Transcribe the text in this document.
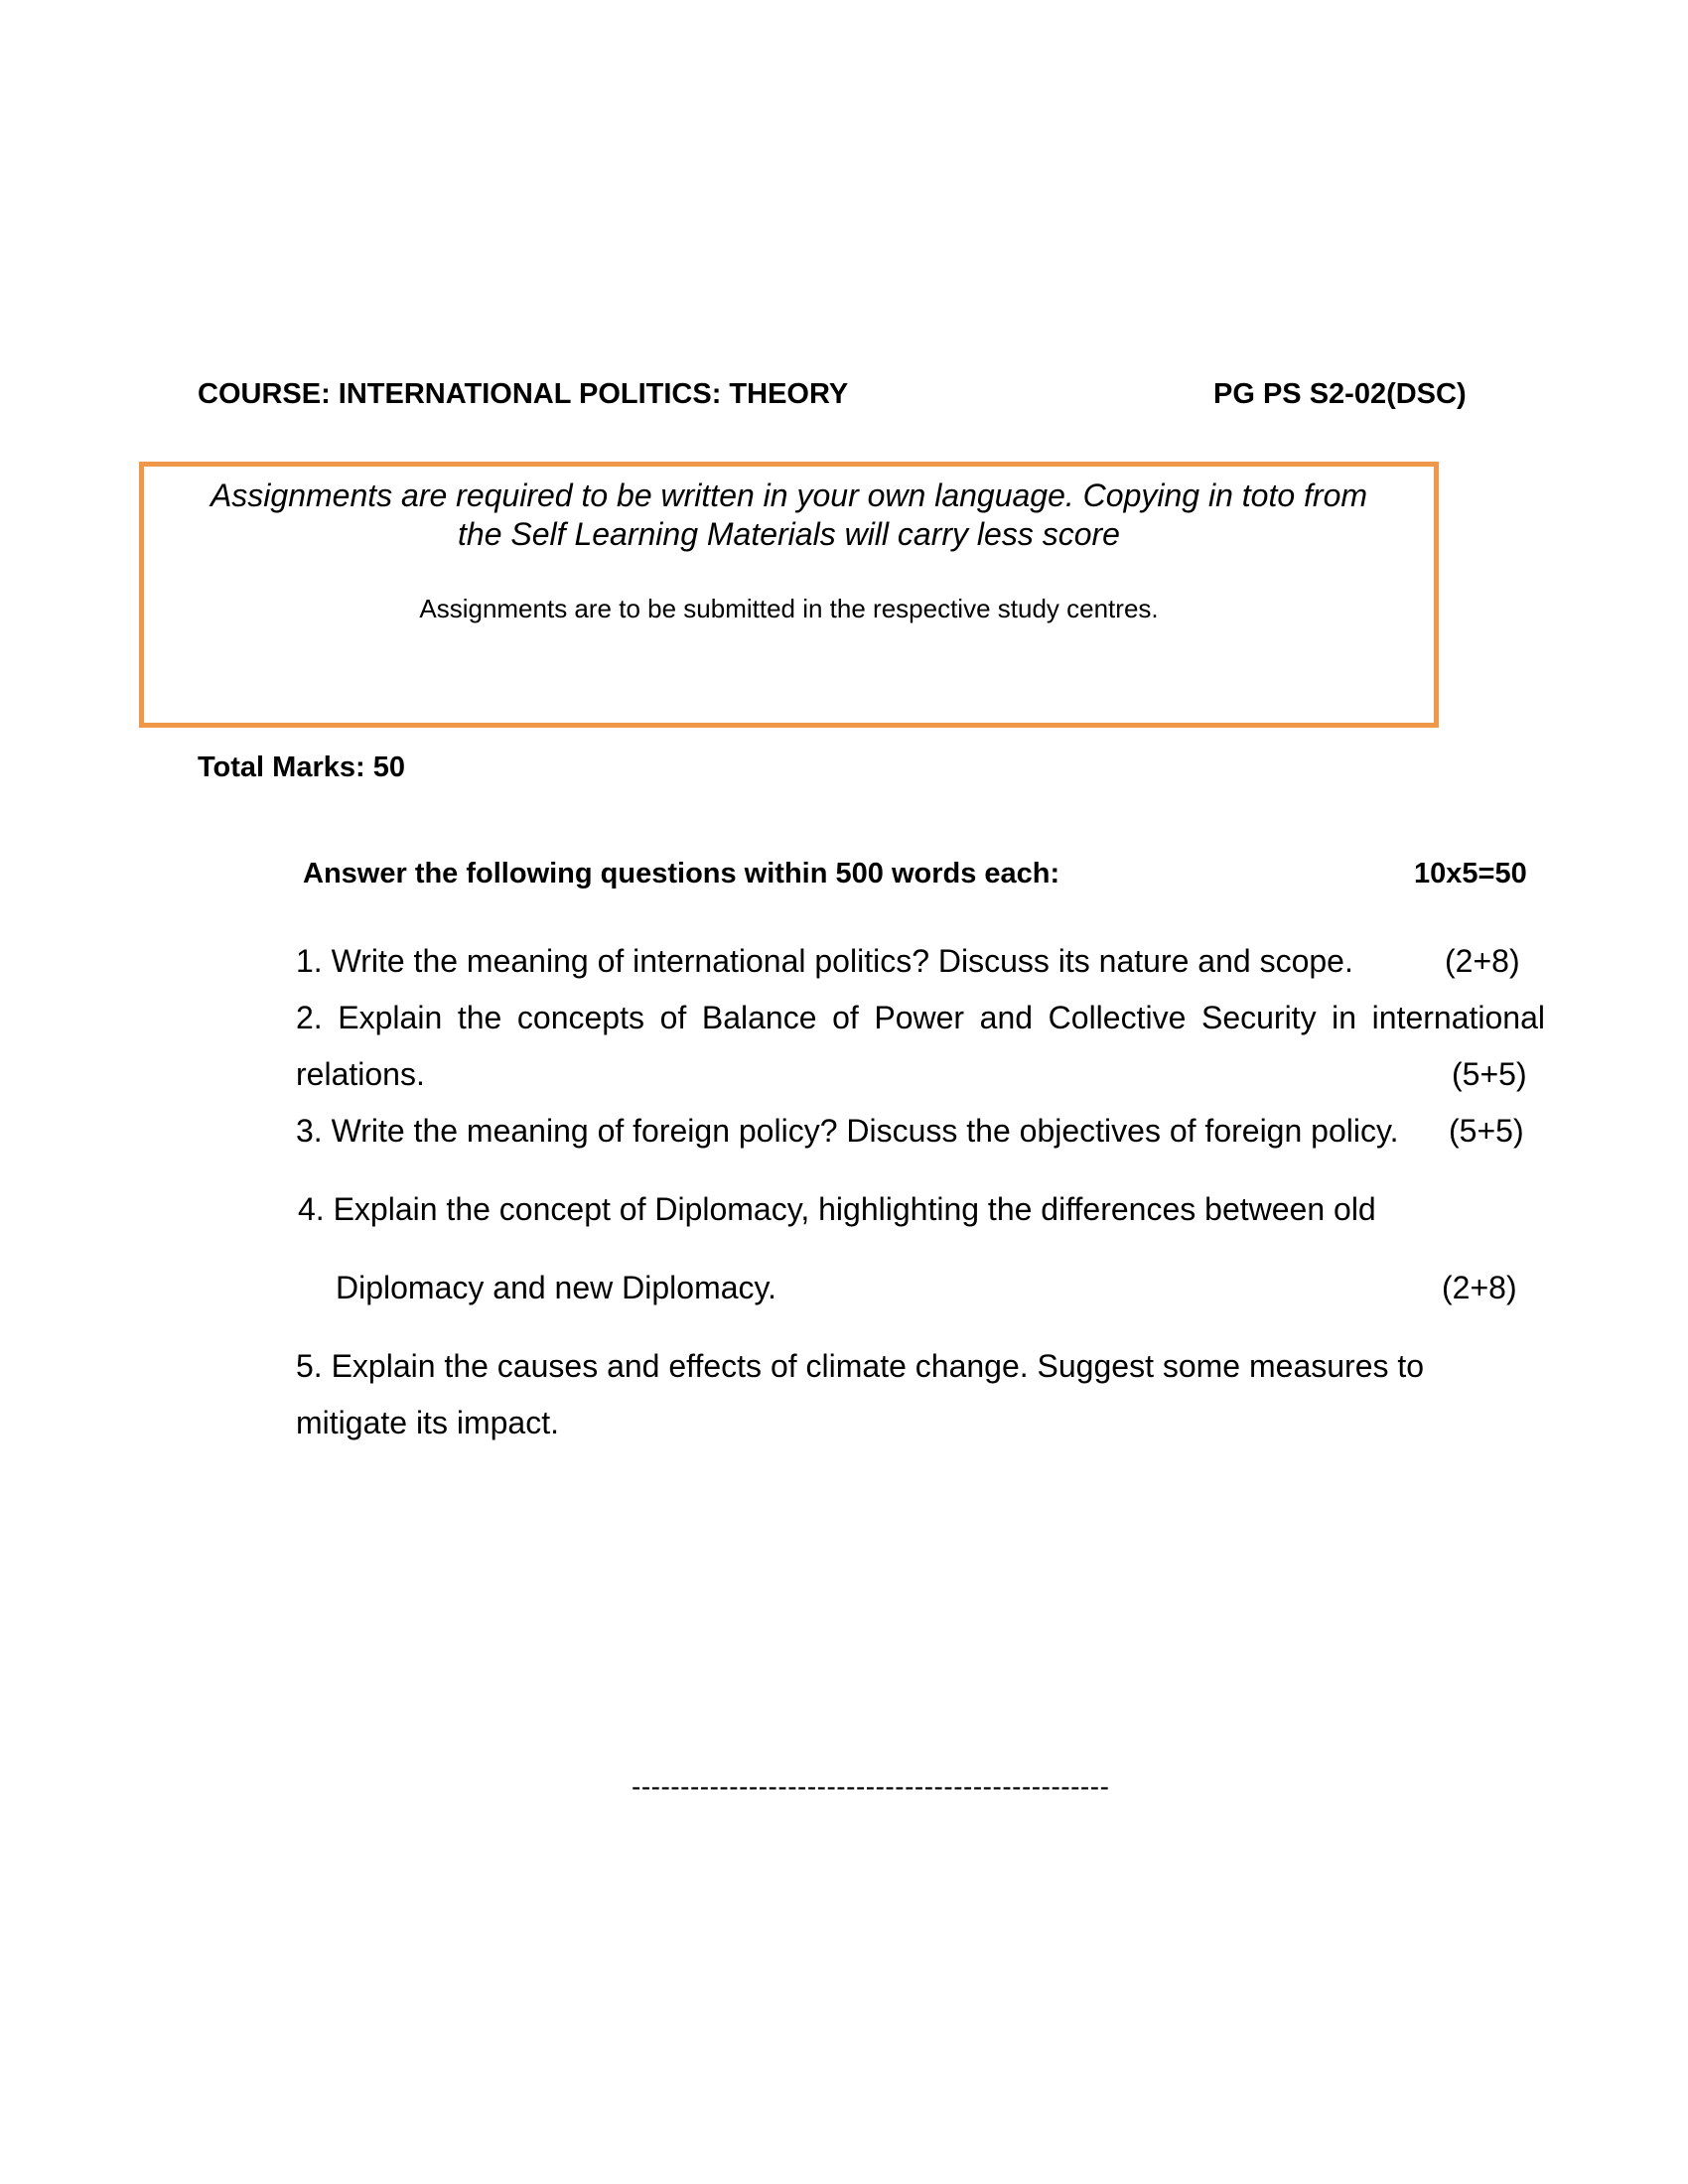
COURSE: INTERNATIONAL POLITICS: THEORY	PG PS S2-02(DSC)
Assignments are required to be written in your own language. Copying in toto from
the Self Learning Materials will carry less score
Assignments are to be submitted in the respective study centres.
Total Marks: 50
Answer the following questions within 500 words each:	10x5=50
1. Write the meaning of international politics? Discuss its nature and scope.	(2+8)
2. Explain the concepts of Balance of Power and Collective Security in international
relations.	(5+5)
3. Write the meaning of foreign policy? Discuss the objectives of foreign policy. (5+5)
4. Explain the concept of Diplomacy, highlighting the differences between old
Diplomacy and new Diplomacy.	(2+8)
5. Explain the causes and effects of climate change. Suggest some measures to
mitigate its impact.
-------------------------------------------------
